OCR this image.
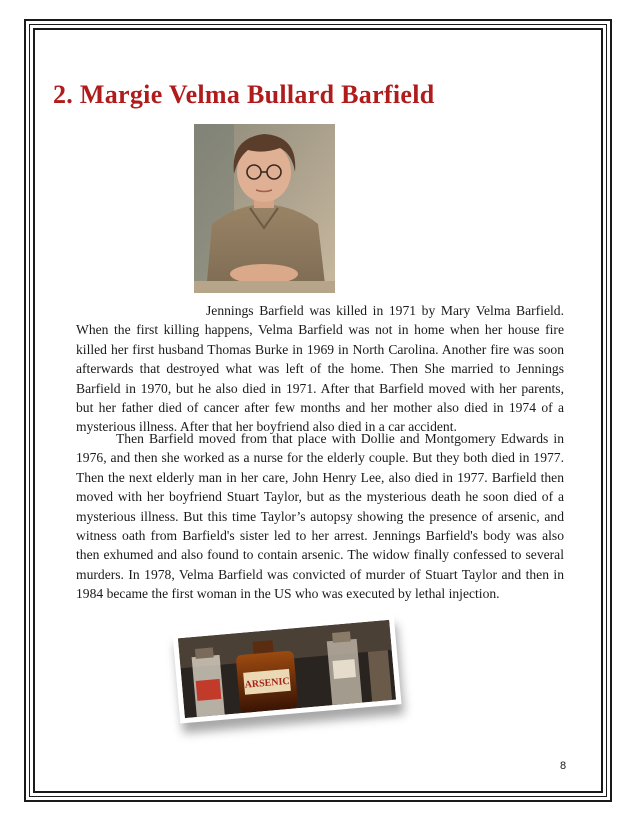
2. Margie Velma Bullard Barfield

Jennings Barfield was killed in 1971 by Mary Velma Barfield. When the first killing happens, Velma Barfield was not in home when her house fire killed her first husband Thomas Burke in 1969 in North Carolina. Another fire was soon afterwards that destroyed what was left of the home. Then She married to Jennings Barfield in 1970, but he also died in 1971. After that Barfield moved with her parents, but her father died of cancer after few months and her mother also died in 1974 of a mysterious illness. After that her boyfriend also died in a car accident.

Then Barfield moved from that place with Dollie and Montgomery Edwards in 1976, and then she worked as a nurse for the elderly couple. But they both died in 1977. Then the next elderly man in her care, John Henry Lee, also died in 1977. Barfield then moved with her boyfriend Stuart Taylor, but as the mysterious death he soon died of a mysterious illness. But this time Taylor’s autopsy showing the presence of arsenic, and witness oath from Barfield's sister led to her arrest. Jennings Barfield's body was also then exhumed and also found to contain arsenic. The widow finally confessed to several murders. In 1978, Velma Barfield was convicted of murder of Stuart Taylor and then in 1984 became the first woman in the US who was executed by lethal injection.

ARSENIC
8
